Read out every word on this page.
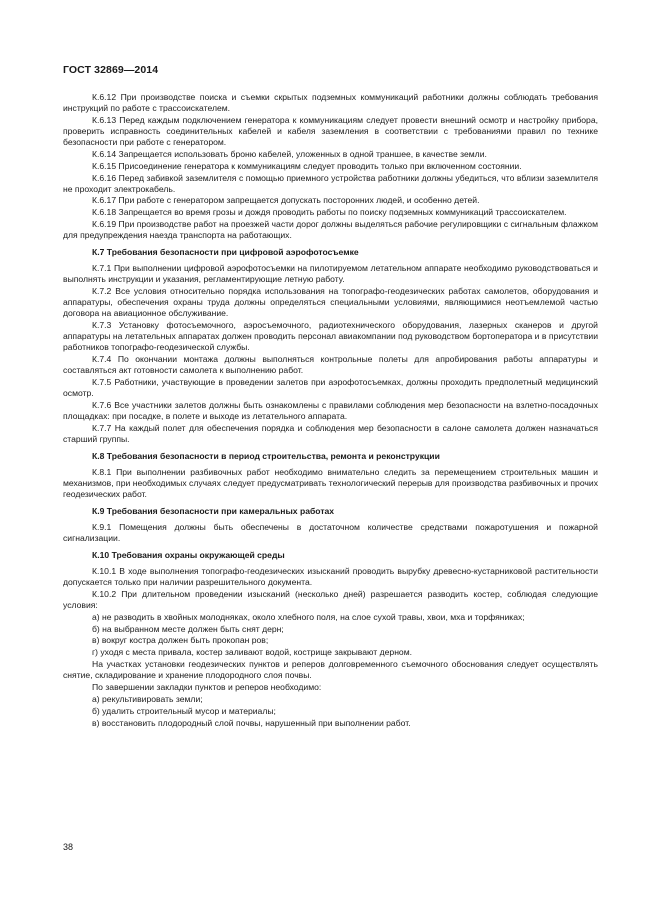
ГОСТ 32869—2014

К.6.12 При производстве поиска и съемки скрытых подземных коммуникаций работники должны соблюдать требования инструкций по работе с трассоискателем.

К.6.13 Перед каждым подключением генератора к коммуникациям следует провести внешний осмотр и настройку прибора, проверить исправность соединительных кабелей и кабеля заземления в соответствии с требованиями правил по технике безопасности при работе с генератором.

К.6.14 Запрещается использовать броню кабелей, уложенных в одной траншее, в качестве земли.

К.6.15 Присоединение генератора к коммуникациям следует проводить только при включенном состоянии.

К.6.16 Перед забивкой заземлителя с помощью приемного устройства работники должны убедиться, что вблизи заземлителя не проходит электрокабель.

К.6.17 При работе с генератором запрещается допускать посторонних людей, и особенно детей.

К.6.18 Запрещается во время грозы и дождя проводить работы по поиску подземных коммуникаций трассоискателем.

К.6.19 При производстве работ на проезжей части дорог должны выделяться рабочие регулировщики с сигнальным флажком для предупреждения наезда транспорта на работающих.

К.7 Требования безопасности при цифровой аэрофотосъемке

К.7.1 При выполнении цифровой аэрофотосъемки на пилотируемом летательном аппарате необходимо руководствоваться и выполнять инструкции и указания, регламентирующие летную работу.

К.7.2 Все условия относительно порядка использования на топографо-геодезических работах самолетов, оборудования и аппаратуры, обеспечения охраны труда должны определяться специальными условиями, являющимися неотъемлемой частью договора на авиационное обслуживание.

К.7.3 Установку фотосъемочного, аэросъемочного, радиотехнического оборудования, лазерных сканеров и другой аппаратуры на летательных аппаратах должен проводить персонал авиакомпании под руководством бортоператора и в присутствии работников топографо-геодезической службы.

К.7.4 По окончании монтажа должны выполняться контрольные полеты для апробирования работы аппаратуры и составляться акт готовности самолета к выполнению работ.

К.7.5 Работники, участвующие в проведении залетов при аэрофотосъемках, должны проходить предполетный медицинский осмотр.

К.7.6 Все участники залетов должны быть ознакомлены с правилами соблюдения мер безопасности на взлетно-посадочных площадках: при посадке, в полете и выходе из летательного аппарата.

К.7.7 На каждый полет для обеспечения порядка и соблюдения мер безопасности в салоне самолета должен назначаться старший группы.

К.8 Требования безопасности в период строительства, ремонта и реконструкции

К.8.1 При выполнении разбивочных работ необходимо внимательно следить за перемещением строительных машин и механизмов, при необходимых случаях следует предусматривать технологический перерыв для производства разбивочных и прочих геодезических работ.

К.9 Требования безопасности при камеральных работах

К.9.1 Помещения должны быть обеспечены в достаточном количестве средствами пожаротушения и пожарной сигнализации.

К.10 Требования охраны окружающей среды

К.10.1 В ходе выполнения топографо-геодезических изысканий проводить вырубку древесно-кустарниковой растительности допускается только при наличии разрешительного документа.

К.10.2 При длительном проведении изысканий (несколько дней) разрешается разводить костер, соблюдая следующие условия:

а) не разводить в хвойных молодняках, около хлебного поля, на слое сухой травы, хвои, мха и торфяниках;

б) на выбранном месте должен быть снят дерн;

в) вокруг костра должен быть прокопан ров;

г) уходя с места привала, костер заливают водой, кострище закрывают дерном.

На участках установки геодезических пунктов и реперов долговременного съемочного обоснования следует осуществлять снятие, складирование и хранение плодородного слоя почвы.

По завершении закладки пунктов и реперов необходимо:

а) рекультивировать земли;

б) удалить строительный мусор и материалы;

в) восстановить плодородный слой почвы, нарушенный при выполнении работ.

38
